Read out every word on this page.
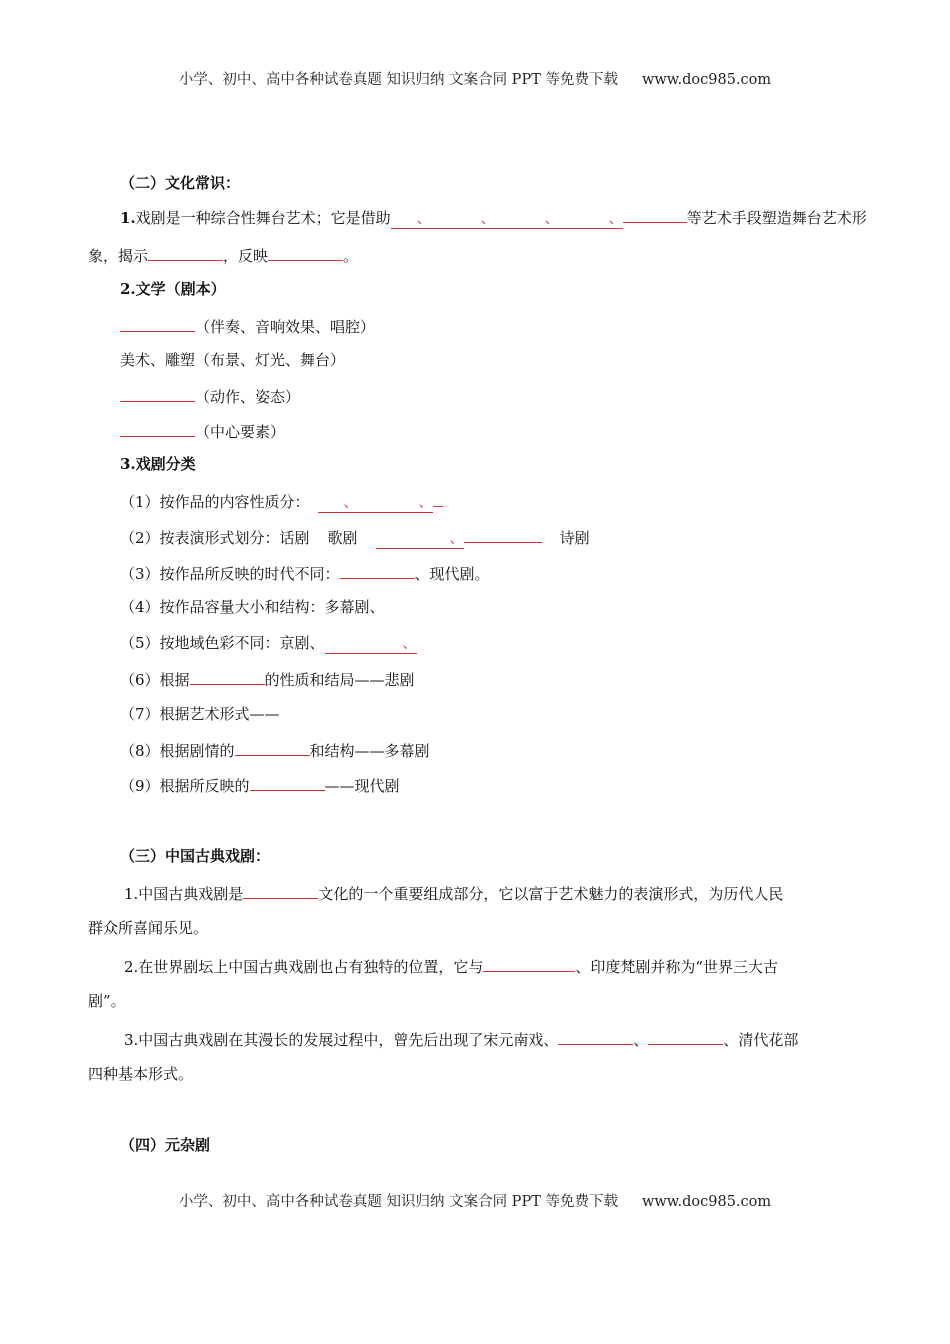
小学、初中、高中各种试卷真题 知识归纳 文案合同 PPT 等免费下载 www.doc985.com
（二）文化常识：
1.戏剧是一种综合性舞台艺术；它是借助 、	、	、	、	等艺术手段塑造舞台艺术形
象，揭示	，反映	。
2.文学（剧本）
（伴奏、音响效果、唱腔）
美术、雕塑（布景、灯光、舞台）
（动作、姿态）
（中心要素）
3.戏剧分类
（1）按作品的内容性质分： 、	、
（2）按表演形式划分：话剧 歌剧	、	诗剧
（3）按作品所反映的时代不同：	、现代剧。
（4）按作品容量大小和结构：多幕剧、
（5）按地域色彩不同：京剧、	、
（6）根据	的性质和结局——悲剧
（7）根据艺术形式——
（8）根据剧情的	和结构——多幕剧
（9）根据所反映的	——现代剧
（三）中国古典戏剧：
1.中国古典戏剧是	文化的一个重要组成部分，它以富于艺术魅力的表演形式，为历代人民
群众所喜闻乐见。
2.在世界剧坛上中国古典戏剧也占有独特的位置，它与	、印度梵剧并称为“世界三大古
剧”。
3.中国古典戏剧在其漫长的发展过程中，曾先后出现了宋元南戏、	、	、清代花部
四种基本形式。
（四）元杂剧
小学、初中、高中各种试卷真题 知识归纳 文案合同 PPT 等免费下载 www.doc985.com
